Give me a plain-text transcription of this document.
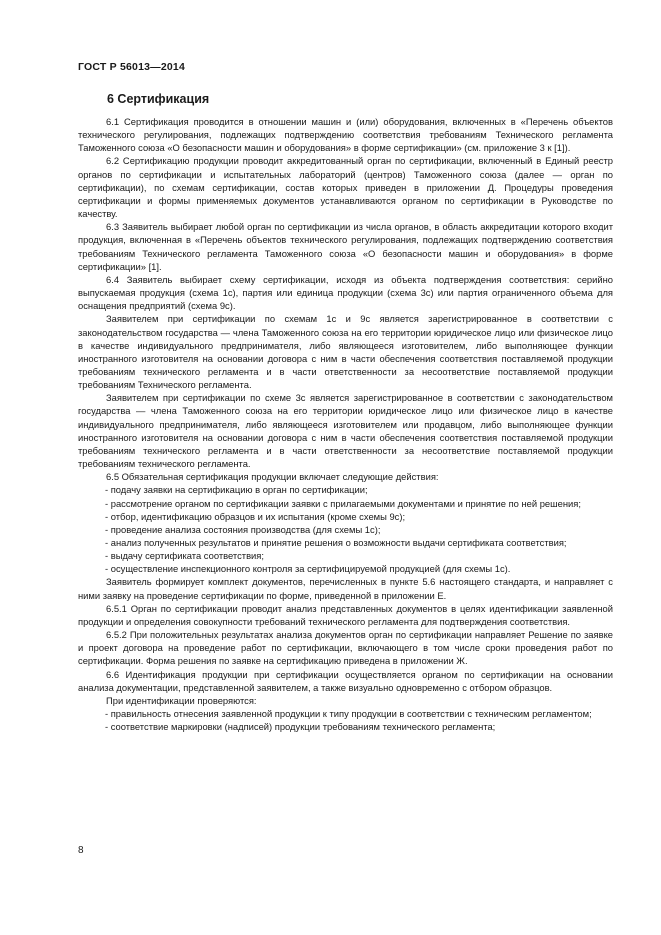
ГОСТ Р 56013—2014
6 Сертификация

6.1 Сертификация проводится в отношении машин и (или) оборудования, включенных в «Перечень объектов технического регулирования, подлежащих подтверждению соответствия требованиям Технического регламента Таможенного союза «О безопасности машин и оборудования» в форме сертификации» (см. приложение 3 к [1]).

6.2 Сертификацию продукции проводит аккредитованный орган по сертификации, включенный в Единый реестр органов по сертификации и испытательных лабораторий (центров) Таможенного союза (далее — орган по сертификации), по схемам сертификации, состав которых приведен в приложении Д. Процедуры проведения сертификации и формы применяемых документов устанавливаются органом по сертификации в Руководстве по качеству.

6.3 Заявитель выбирает любой орган по сертификации из числа органов, в область аккредитации которого входит продукция, включенная в «Перечень объектов технического регулирования, подлежащих подтверждению соответствия требованиям Технического регламента Таможенного союза «О безопасности машин и оборудования» в форме сертификации» [1].

6.4 Заявитель выбирает схему сертификации, исходя из объекта подтверждения соответствия: серийно выпускаемая продукция (схема 1с), партия или единица продукции (схема 3с) или партия ограниченного объема для оснащения предприятий (схема 9с).

Заявителем при сертификации по схемам 1с и 9с является зарегистрированное в соответствии с законодательством государства — члена Таможенного союза на его территории юридическое лицо или физическое лицо в качестве индивидуального предпринимателя, либо являющееся изготовителем, либо выполняющее функции иностранного изготовителя на основании договора с ним в части обеспечения соответствия поставляемой продукции требованиям технического регламента и в части ответственности за несоответствие поставляемой продукции требованиям Технического регламента.

Заявителем при сертификации по схеме 3с является зарегистрированное в соответствии с законодательством государства — члена Таможенного союза на его территории юридическое лицо или физическое лицо в качестве индивидуального предпринимателя, либо являющееся изготовителем или продавцом, либо выполняющее функции иностранного изготовителя на основании договора с ним в части обеспечения соответствия поставляемой продукции требованиям технического регламента и в части ответственности за несоответствие поставляемой продукции требованиям технического регламента.

6.5 Обязательная сертификация продукции включает следующие действия:

- подачу заявки на сертификацию в орган по сертификации;

- рассмотрение органом по сертификации заявки с прилагаемыми документами и принятие по ней решения;

- отбор, идентификацию образцов и их испытания (кроме схемы 9с);

- проведение анализа состояния производства (для схемы 1с);

- анализ полученных результатов и принятие решения о возможности выдачи сертификата соответствия;

- выдачу сертификата соответствия;

- осуществление инспекционного контроля за сертифицируемой продукцией (для схемы 1с).

Заявитель формирует комплект документов, перечисленных в пункте 5.6 настоящего стандарта, и направляет с ними заявку на проведение сертификации по форме, приведенной в приложении Е.

6.5.1 Орган по сертификации проводит анализ представленных документов в целях идентификации заявленной продукции и определения совокупности требований технического регламента для подтверждения соответствия.

6.5.2 При положительных результатах анализа документов орган по сертификации направляет Решение по заявке и проект договора на проведение работ по сертификации, включающего в том числе сроки проведения работ по сертификации. Форма решения по заявке на сертификацию приведена в приложении Ж.

6.6 Идентификация продукции при сертификации осуществляется органом по сертификации на основании анализа документации, представленной заявителем, а также визуально одновременно с отбором образцов.

При идентификации проверяются:

- правильность отнесения заявленной продукции к типу продукции в соответствии с техническим регламентом;

- соответствие маркировки (надписей) продукции требованиям технического регламента;

8
